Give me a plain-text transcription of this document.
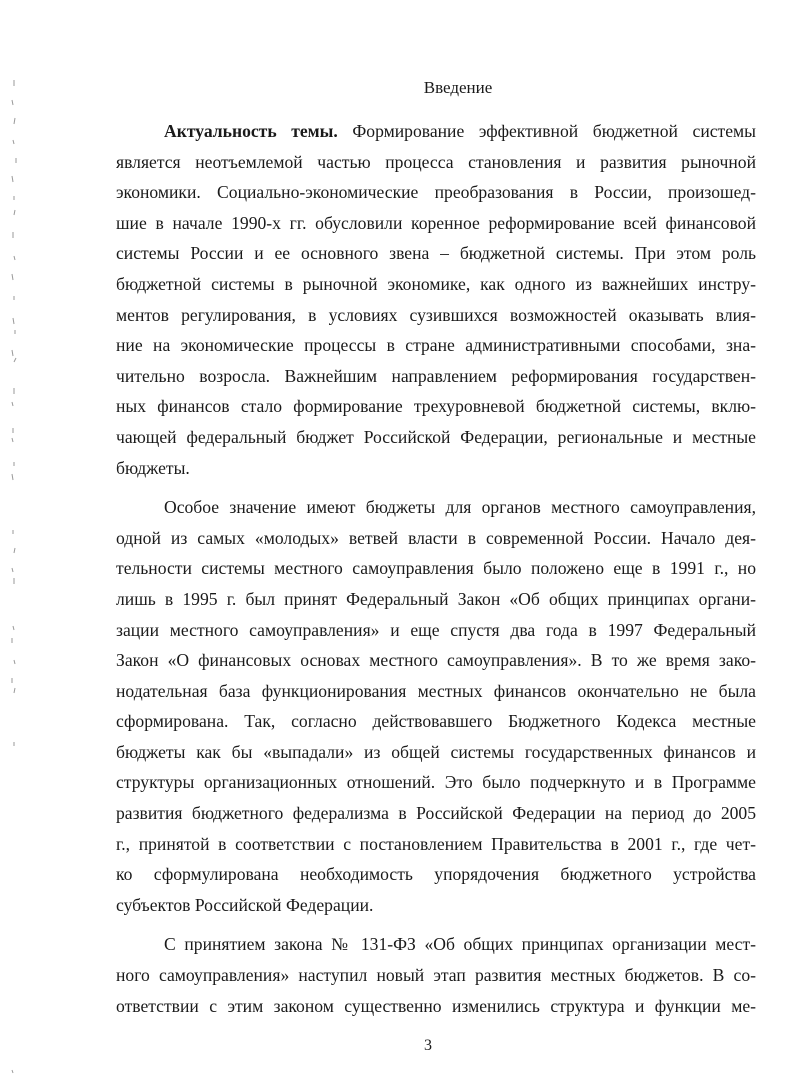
Введение
Актуальность темы. Формирование эффективной бюджетной системы
является неотъемлемой частью процесса становления и развития рыночной
экономики. Социально-экономические преобразования в России, произошед-
шие в начале 1990-х гг. обусловили коренное реформирование всей финансовой
системы России и ее основного звена – бюджетной системы. При этом роль
бюджетной системы в рыночной экономике, как одного из важнейших инстру-
ментов регулирования, в условиях сузившихся возможностей оказывать влия-
ние на экономические процессы в стране административными способами, зна-
чительно возросла. Важнейшим направлением реформирования государствен-
ных финансов стало формирование трехуровневой бюджетной системы, вклю-
чающей федеральный бюджет Российской Федерации, региональные и местные
бюджеты.
Особое значение имеют бюджеты для органов местного самоуправления,
одной из самых «молодых» ветвей власти в современной России. Начало дея-
тельности системы местного самоуправления было положено еще в 1991 г., но
лишь в 1995 г. был принят Федеральный Закон «Об общих принципах органи-
зации местного самоуправления» и еще спустя два года в 1997 Федеральный
Закон «О финансовых основах местного самоуправления». В то же время зако-
нодательная база функционирования местных финансов окончательно не была
сформирована. Так, согласно действовавшего Бюджетного Кодекса местные
бюджеты как бы «выпадали» из общей системы государственных финансов и
структуры организационных отношений. Это было подчеркнуто и в Программе
развития бюджетного федерализма в Российской Федерации на период до 2005
г., принятой в соответствии с постановлением Правительства в 2001 г., где чет-
ко сформулирована необходимость упорядочения бюджетного устройства
субъектов Российской Федерации.
С принятием закона № 131-ФЗ «Об общих принципах организации мест-
ного самоуправления» наступил новый этап развития местных бюджетов. В со-
ответствии с этим законом существенно изменились структура и функции ме-
3
